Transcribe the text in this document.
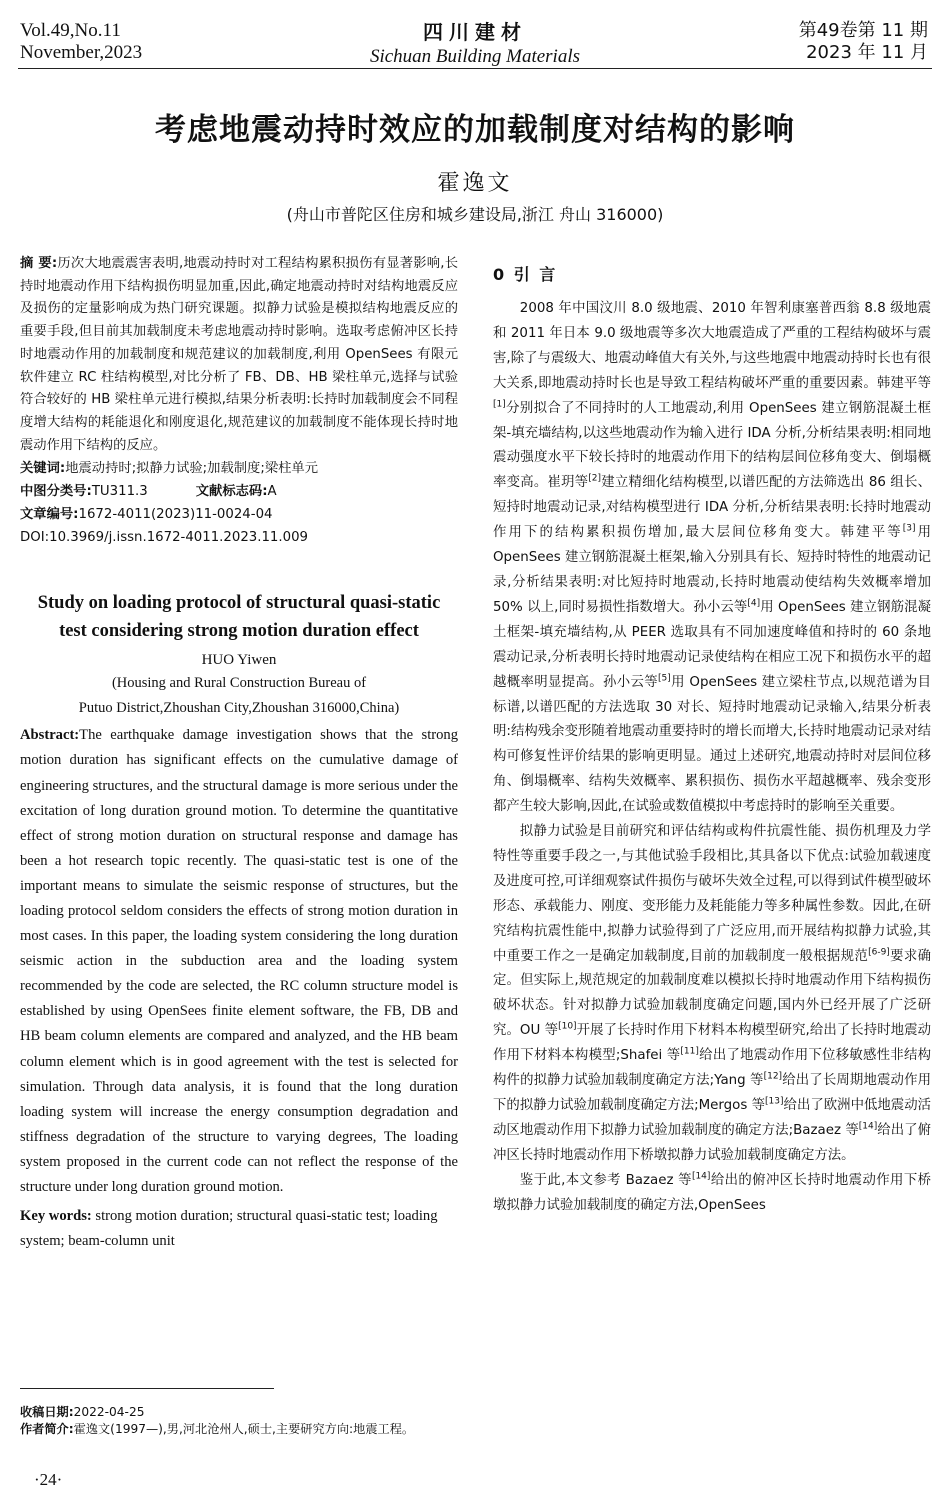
Vol.49,No.11
November,2023
四川建材
Sichuan Building Materials
第49卷第 11 期
2023 年 11 月
考虑地震动持时效应的加载制度对结构的影响
霍逸文
(舟山市普陀区住房和城乡建设局,浙江 舟山 316000)

摘 要:历次大地震震害表明,地震动持时对工程结构累积损伤有显著影响,长持时地震动作用下结构损伤明显加重,因此,确定地震动持时对结构地震反应及损伤的定量影响成为热门研究课题。拟静力试验是模拟结构地震反应的重要手段,但目前其加载制度未考虑地震动持时影响。选取考虑俯冲区长持时地震动作用的加载制度和规范建议的加载制度,利用 OpenSees 有限元软件建立 RC 柱结构模型,对比分析了 FB、DB、HB 梁柱单元,选择与试验符合较好的 HB 梁柱单元进行模拟,结果分析表明:长持时加载制度会不同程度增大结构的耗能退化和刚度退化,规范建议的加载制度不能体现长持时地震动作用下结构的反应。

关键词:地震动持时;拟静力试验;加载制度;梁柱单元

中图分类号:TU311.3	文献标志码:A

文章编号:1672-4011(2023)11-0024-04

DOI:10.3969/j.issn.1672-4011.2023.11.009

Study on loading protocol of structural quasi-static
test considering strong motion duration effect
HUO Yiwen
(Housing and Rural Construction Bureau of
Putuo District,Zhoushan City,Zhoushan 316000,China)

Abstract:The earthquake damage investigation shows that the strong motion duration has significant effects on the cumulative damage of engineering structures, and the structural damage is more serious under the excitation of long duration ground motion. To determine the quantitative effect of strong motion duration on structural response and damage has been a hot research topic recently. The quasi-static test is one of the important means to simulate the seismic response of structures, but the loading protocol seldom considers the effects of strong motion duration in most cases. In this paper, the loading system considering the long duration seismic action in the subduction area and the loading system recommended by the code are selected, the RC column structure model is established by using OpenSees finite element software, the FB, DB and HB beam column elements are compared and analyzed, and the HB beam column element which is in good agreement with the test is selected for simulation. Through data analysis, it is found that the long duration loading system will increase the energy consumption degradation and stiffness degradation of the structure to varying degrees, The loading system proposed in the current code can not reflect the response of the structure under long duration ground motion.

Key words: strong motion duration; structural quasi-static test; loading system; beam-column unit
收稿日期:2022-04-25
作者简介:霍逸文(1997—),男,河北沧州人,硕士,主要研究方向:地震工程。
·24·
0 引 言

2008 年中国汶川 8.0 级地震、2010 年智利康塞普西翁 8.8 级地震和 2011 年日本 9.0 级地震等多次大地震造成了严重的工程结构破坏与震害,除了与震级大、地震动峰值大有关外,与这些地震中地震动持时长也有很大关系,即地震动持时长也是导致工程结构破坏严重的重要因素。韩建平等[1]分别拟合了不同持时的人工地震动,利用 OpenSees 建立钢筋混凝土框架-填充墙结构,以这些地震动作为输入进行 IDA 分析,分析结果表明:相同地震动强度水平下较长持时的地震动作用下的结构层间位移角变大、倒塌概率变高。崔玥等[2]建立精细化结构模型,以谱匹配的方法筛选出 86 组长、短持时地震动记录,对结构模型进行 IDA 分析,分析结果表明:长持时地震动作用下的结构累积损伤增加,最大层间位移角变大。韩建平等[3]用 OpenSees 建立钢筋混凝土框架,输入分别具有长、短持时特性的地震动记录,分析结果表明:对比短持时地震动,长持时地震动使结构失效概率增加 50% 以上,同时易损性指数增大。孙小云等[4]用 OpenSees 建立钢筋混凝土框架-填充墙结构,从 PEER 选取具有不同加速度峰值和持时的 60 条地震动记录,分析表明长持时地震动记录使结构在相应工况下和损伤水平的超越概率明显提高。孙小云等[5]用 OpenSees 建立梁柱节点,以规范谱为目标谱,以谱匹配的方法选取 30 对长、短持时地震动记录输入,结果分析表明:结构残余变形随着地震动重要持时的增长而增大,长持时地震动记录对结构可修复性评价结果的影响更明显。通过上述研究,地震动持时对层间位移角、倒塌概率、结构失效概率、累积损伤、损伤水平超越概率、残余变形都产生较大影响,因此,在试验或数值模拟中考虑持时的影响至关重要。

拟静力试验是目前研究和评估结构或构件抗震性能、损伤机理及力学特性等重要手段之一,与其他试验手段相比,其具备以下优点:试验加载速度及进度可控,可详细观察试件损伤与破坏失效全过程,可以得到试件模型破坏形态、承载能力、刚度、变形能力及耗能能力等多种属性参数。因此,在研究结构抗震性能中,拟静力试验得到了广泛应用,而开展结构拟静力试验,其中重要工作之一是确定加载制度,目前的加载制度一般根据规范[6-9]要求确定。但实际上,规范规定的加载制度难以模拟长持时地震动作用下结构损伤破坏状态。针对拟静力试验加载制度确定问题,国内外已经开展了广泛研究。OU 等[10]开展了长持时作用下材料本构模型研究,给出了长持时地震动作用下材料本构模型;Shafei 等[11]给出了地震动作用下位移敏感性非结构构件的拟静力试验加载制度确定方法;Yang 等[12]给出了长周期地震动作用下的拟静力试验加载制度确定方法;Mergos 等[13]给出了欧洲中低地震动活动区地震动作用下拟静力试验加载制度的确定方法;Bazaez 等[14]给出了俯冲区长持时地震动作用下桥墩拟静力试验加载制度确定方法。

鉴于此,本文参考 Bazaez 等[14]给出的俯冲区长持时地震动作用下桥墩拟静力试验加载制度的确定方法,OpenSees
